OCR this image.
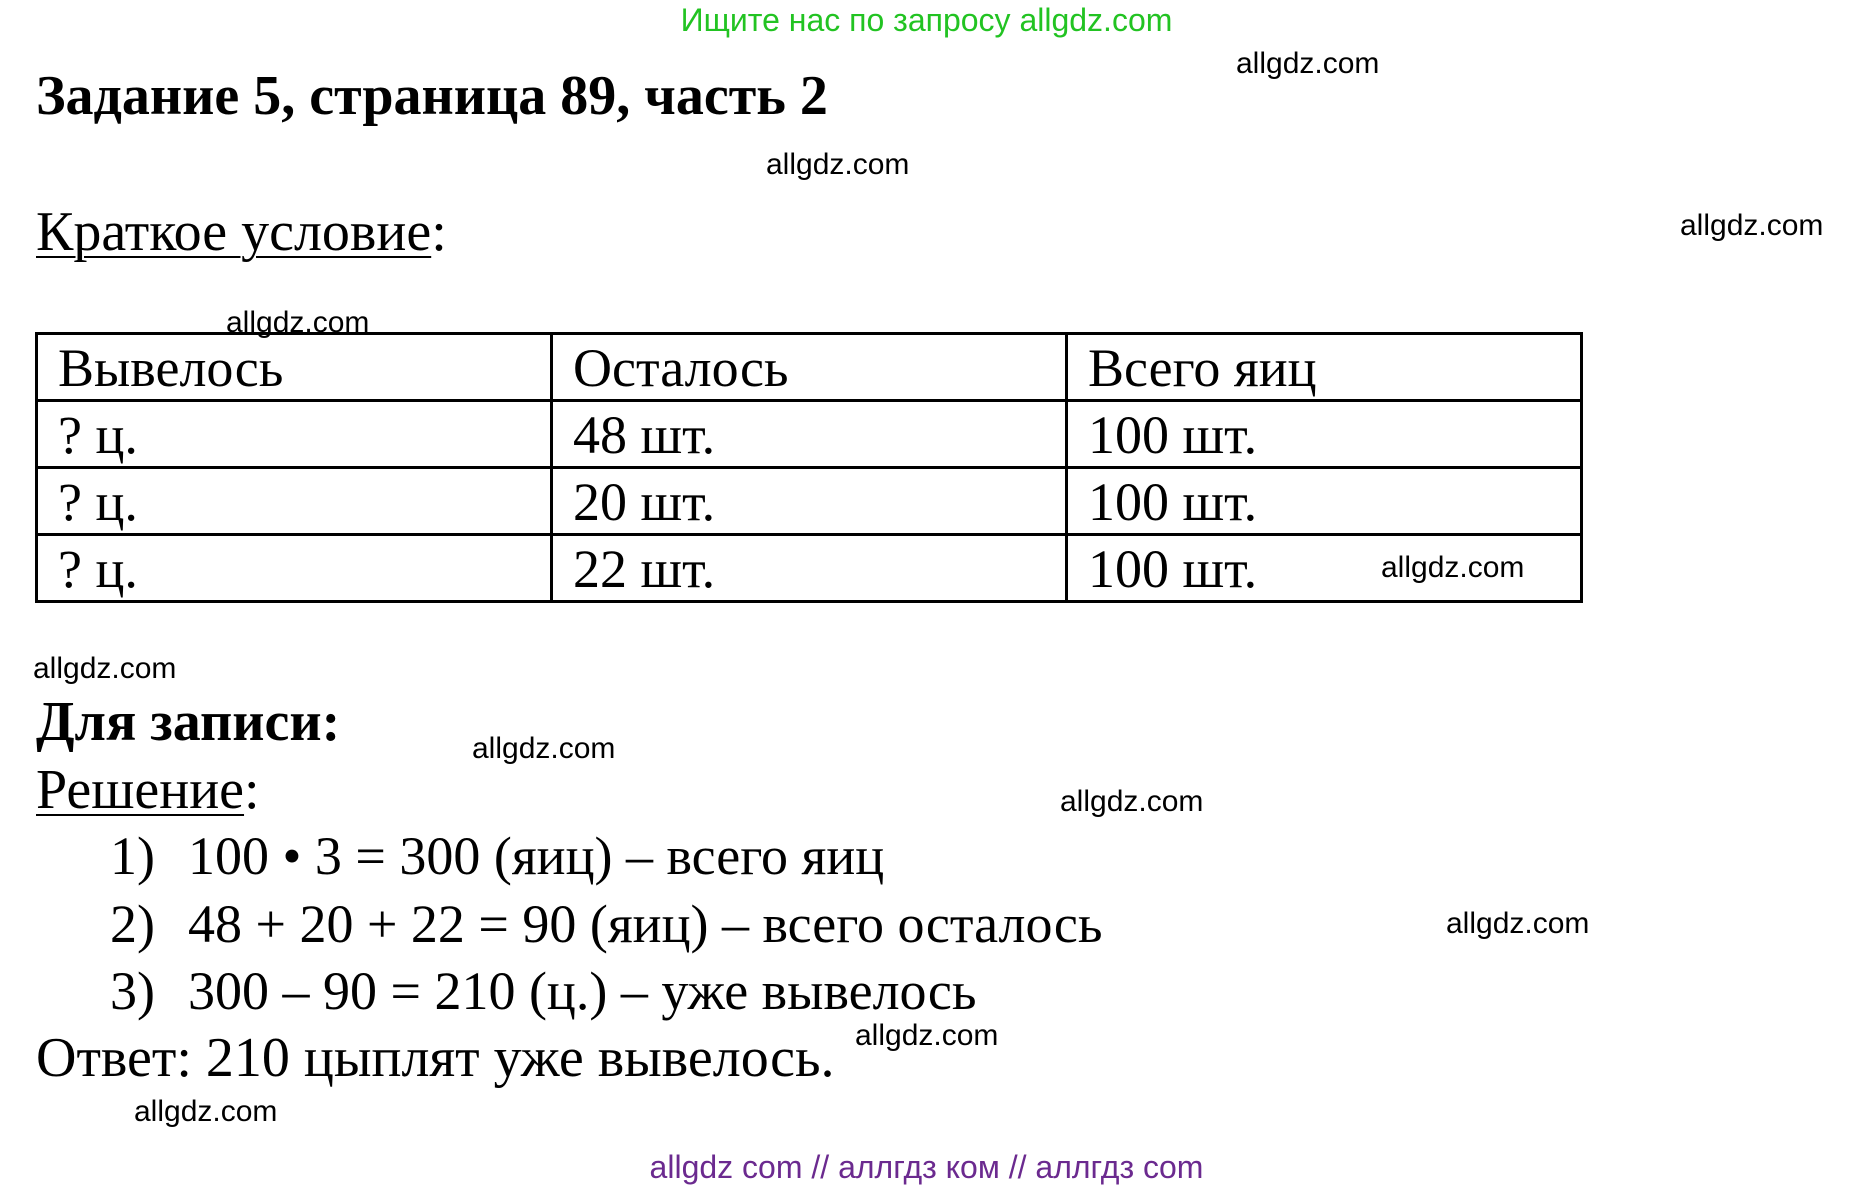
Ищите нас по запросу allgdz.com
Задание 5, страница 89, часть 2
Краткое условие:
Вывелось	Осталось	Всего яиц
? ц.	48 шт.	100 шт.
? ц.	20 шт.	100 шт.
? ц.	22 шт.	100 шт.
Для записи:
Решение:
1) 100 • 3 = 300 (яиц) – всего яиц
2) 48 + 20 + 22 = 90 (яиц) – всего осталось
3) 300 – 90 = 210 (ц.) – уже вывелось
Ответ: 210 цыплят уже вывелось.
allgdz.com
allgdz.com
allgdz.com
allgdz.com
allgdz.com
allgdz.com
allgdz.com
allgdz.com
allgdz.com
allgdz.com
allgdz.com
allgdz com // аллгдз ком // аллгдз com
